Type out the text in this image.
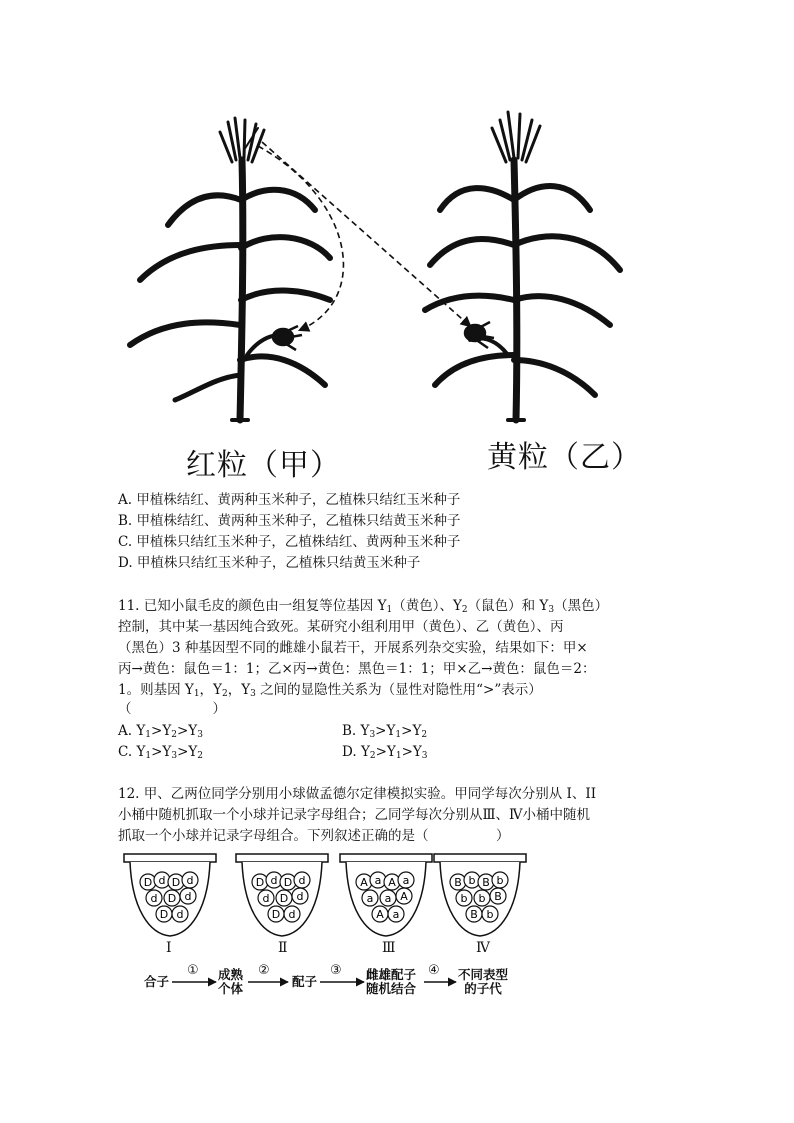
红粒（甲）	黄粒（乙）
A. 甲植株结红、黄两种玉米种子，乙植株只结红玉米种子
B. 甲植株结红、黄两种玉米种子，乙植株只结黄玉米种子
C. 甲植株只结红玉米种子，乙植株结红、黄两种玉米种子
D. 甲植株只结红玉米种子，乙植株只结黄玉米种子
11. 已知小鼠毛皮的颜色由一组复等位基因 $Y_1$（黄色）、$Y_2$（鼠色）和 $Y_3$（黑色）
控制，其中某一基因纯合致死。某研究小组利用甲（黄色）、乙（黄色）、丙
（黑色）3 种基因型不同的雌雄小鼠若干，开展系列杂交实验，结果如下：甲×
丙→黄色：鼠色＝1：1；乙×丙→黄色：黑色＝1：1；甲×乙→黄色：鼠色＝2：
1。则基因 $Y_1$，$Y_2$，$Y_3$ 之间的显隐性关系为（显性对隐性用“>”表示）
（　　　　　　）
A. $Y_1>Y_2>Y_3$	B. $Y_3>Y_1>Y_2$
C. $Y_1>Y_3>Y_2$	D. $Y_2>Y_1>Y_3$
12. 甲、乙两位同学分别用小球做孟德尔定律模拟实验。甲同学每次分别从 I、II
小桶中随机抓取一个小球并记录字母组合；乙同学每次分别从Ⅲ、Ⅳ小桶中随机
抓取一个小球并记录字母组合。下列叙述正确的是（　　　　　）
D d D d
d D d
D d
D d D d
d D d
D d
A a A a
a a A
A a
B b B b
b b B
B b
Ⅰ	Ⅱ	Ⅲ	Ⅳ
合子
① 成熟
个体
②
配子
③ 雌雄配子
随机结合
④ 不同表型
的子代
